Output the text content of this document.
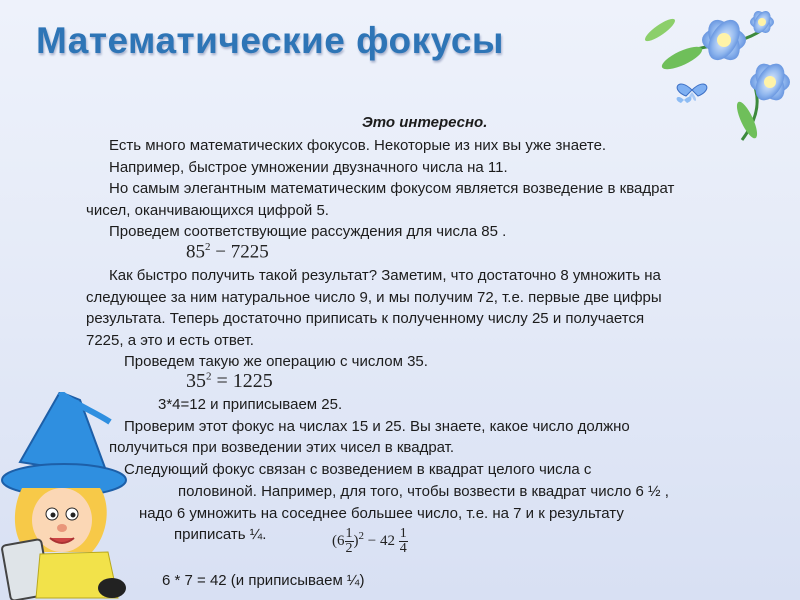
Математические фокусы
Это интересно.
Есть много математических фокусов. Некоторые из них вы уже знаете.
Например, быстрое умножении двузначного числа на 11.
Но самым элегантным математическим фокусом является возведение в квадрат
чисел, оканчивающихся цифрой 5.
Проведем соответствующие рассуждения для числа 85 .
$85^2 - 7225$
Как быстро получить такой результат? Заметим, что достаточно 8 умножить на
следующее за ним натуральное число 9, и мы получим 72, т.е. первые две цифры
результата. Теперь достаточно приписать к полученному числу 25 и получается
7225, а это и есть ответ.
Проведем такую же операцию с числом 35.
$35^2 = 1225$
3*4=12 и приписываем 25.
Проверим этот фокус на числах 15 и 25. Вы знаете, какое число должно
получиться при возведении этих чисел в квадрат.
Следующий фокус связан с возведением в квадрат целого числа с
половиной. Например, для того, чтобы возвести в квадрат число 6 ½ ,
надо 6 умножить на соседнее большее число, т.е. на 7 и к результату
приписать ¼.	$(6 \frac{1}{2} )^2 - 42 \frac{1}{4}$
6 * 7 = 42 (и приписываем ¼)
